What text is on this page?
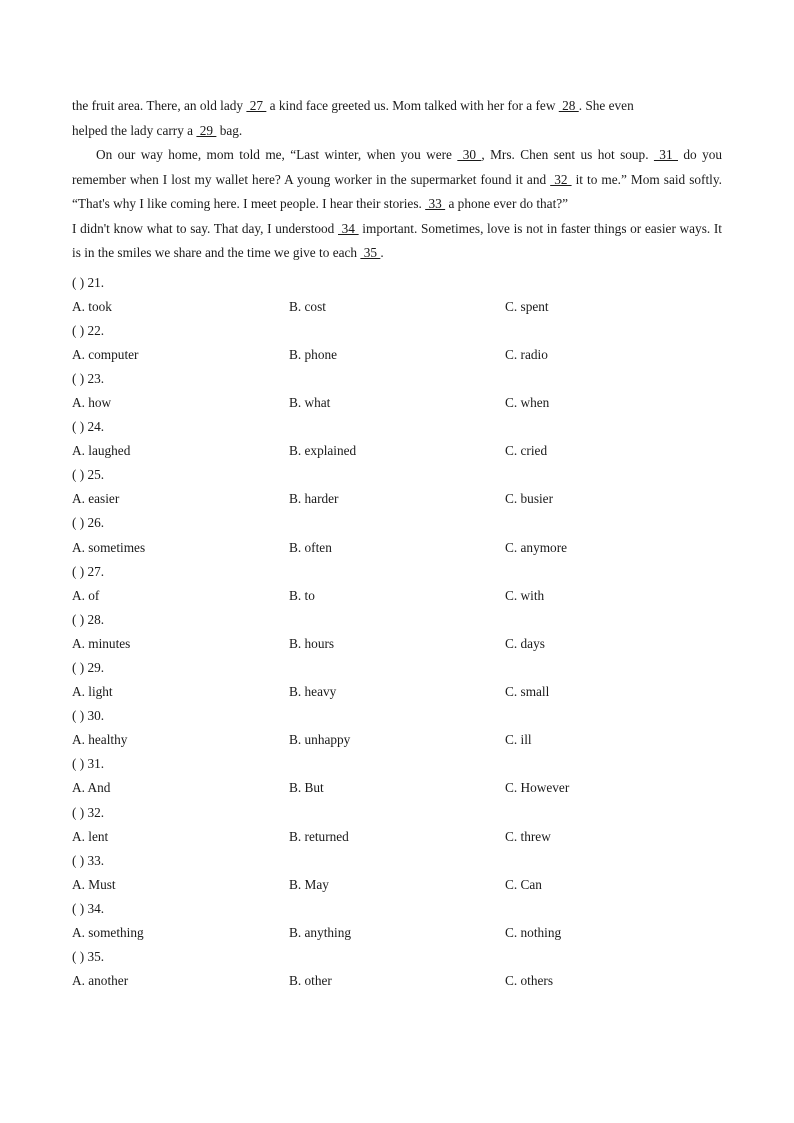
the fruit area. There, an old lady  27  a kind face greeted us. Mom talked with her for a few  28 . She even
helped the lady carry a  29  bag.

On our way home, mom told me, “Last winter, when you were  30 , Mrs. Chen sent us hot soup.  31  do you remember when I lost my wallet here? A young worker in the supermarket found it and  32  it to me.” Mom said softly. “That's why I like coming here. I meet people. I hear their stories.  33  a phone ever do that?”

I didn't know what to say. That day, I understood  34  important. Sometimes, love is not in faster things or easier ways. It is in the smiles we share and the time we give to each  35 .

( ) 21.
A. took	B. cost	C. spent
( ) 22.
A. computer	B. phone	C. radio
( ) 23.
A. how	B. what	C. when
( ) 24.
A. laughed	B. explained	C. cried
( ) 25.
A. easier	B. harder	C. busier
( ) 26.
A. sometimes	B. often	C. anymore
( ) 27.
A. of	B. to	C. with
( ) 28.
A. minutes	B. hours	C. days
( ) 29.
A. light	B. heavy	C. small
( ) 30.
A. healthy	B. unhappy	C. ill
( ) 31.
A. And	B. But	C. However
( ) 32.
A. lent	B. returned	C. threw
( ) 33.
A. Must	B. May	C. Can
( ) 34.
A. something	B. anything	C. nothing
( ) 35.
A. another	B. other	C. others
